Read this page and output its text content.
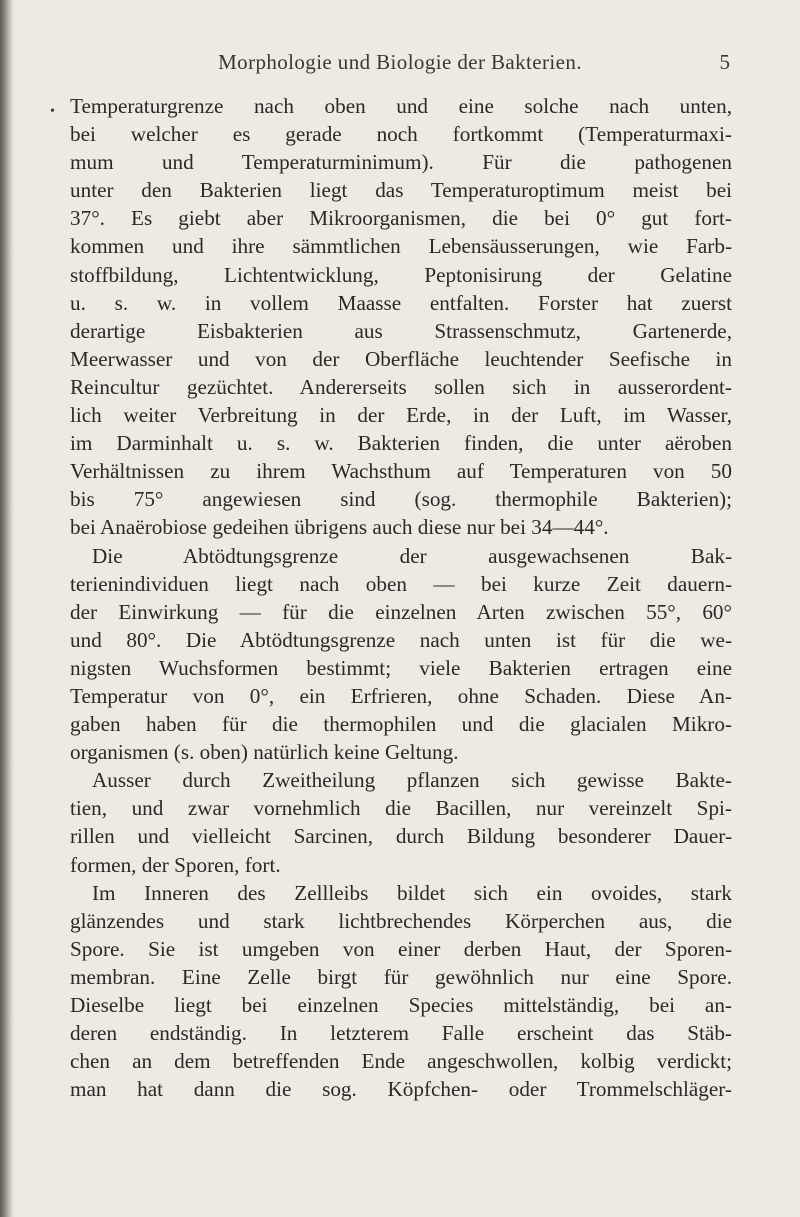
Morphologie und Biologie der Bakterien.	5
• Temperaturgrenze nach oben und eine solche nach unten,
bei welcher es gerade noch fortkommt (Temperaturmaxi-
mum und Temperaturminimum). Für die pathogenen
unter den Bakterien liegt das Temperaturoptimum meist bei
37°. Es giebt aber Mikroorganismen, die bei 0° gut fort-
kommen und ihre sämmtlichen Lebensäusserungen, wie Farb-
stoffbildung, Lichtentwicklung, Peptonisirung der Gelatine
u. s. w. in vollem Maasse entfalten. Forster hat zuerst
derartige Eisbakterien aus Strassenschmutz, Gartenerde,
Meerwasser und von der Oberfläche leuchtender Seefische in
Reincultur gezüchtet. Andererseits sollen sich in ausserordent-
lich weiter Verbreitung in der Erde, in der Luft, im Wasser,
im Darminhalt u. s. w. Bakterien finden, die unter aëroben
Verhältnissen zu ihrem Wachsthum auf Temperaturen von 50
bis 75° angewiesen sind (sog. thermophile Bakterien);
bei Anaërobiose gedeihen übrigens auch diese nur bei 34—44°.
Die Abtödtungsgrenze der ausgewachsenen Bak-
terienindividuen liegt nach oben — bei kurze Zeit dauern-
der Einwirkung — für die einzelnen Arten zwischen 55°, 60°
und 80°. Die Abtödtungsgrenze nach unten ist für die we-
nigsten Wuchsformen bestimmt; viele Bakterien ertragen eine
Temperatur von 0°, ein Erfrieren, ohne Schaden. Diese An-
gaben haben für die thermophilen und die glacialen Mikro-
organismen (s. oben) natürlich keine Geltung.
Ausser durch Zweitheilung pflanzen sich gewisse Bakte-
tien, und zwar vornehmlich die Bacillen, nur vereinzelt Spi-
rillen und vielleicht Sarcinen, durch Bildung besonderer Dauer-
formen, der Sporen, fort.
Im Inneren des Zellleibs bildet sich ein ovoides, stark
glänzendes und stark lichtbrechendes Körperchen aus, die
Spore. Sie ist umgeben von einer derben Haut, der Sporen-
membran. Eine Zelle birgt für gewöhnlich nur eine Spore.
Dieselbe liegt bei einzelnen Species mittelständig, bei an-
deren endständig. In letzterem Falle erscheint das Stäb-
chen an dem betreffenden Ende angeschwollen, kolbig verdickt;
man hat dann die sog. Köpfchen- oder Trommelschläger-
